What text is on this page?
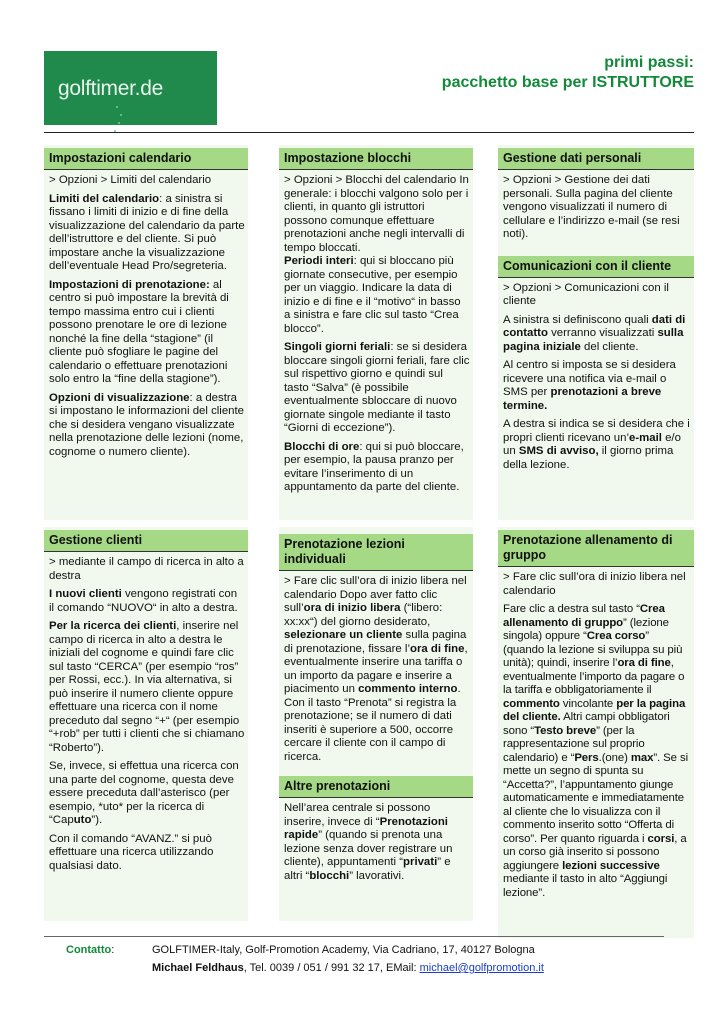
golftimer.de
primi passi:
pacchetto base per ISTRUTTORE
Impostazioni calendario

> Opzioni > Limiti del calendario

Limiti del calendario: a sinistra si fissano i limiti di inizio e di fine della visualizzazione del calendario da parte dell’istruttore e del cliente. Si può impostare anche la visualizzazione dell’eventuale Head Pro/segreteria.

Impostazioni di prenotazione: al centro si può impostare la brevità di tempo massima entro cui i clienti possono prenotare le ore di lezione nonché la fine della “stagione” (il cliente può sfogliare le pagine del calendario o effettuare prenotazioni solo entro la “fine della stagione”).

Opzioni di visualizzazione: a destra si impostano le informazioni del cliente che si desidera vengano visualizzate nella prenotazione delle lezioni (nome, cognome o numero cliente).

Impostazione blocchi

> Opzioni > Blocchi del calendario In generale: i blocchi valgono solo per i clienti, in quanto gli istruttori possono comunque effettuare prenotazioni anche negli intervalli di tempo bloccati.

Periodi interi: qui si bloccano più giornate consecutive, per esempio per un viaggio. Indicare la data di inizio e di fine e il “motivo“ in basso a sinistra e fare clic sul tasto “Crea blocco”.

Singoli giorni feriali: se si desidera bloccare singoli giorni feriali, fare clic sul rispettivo giorno e quindi sul tasto “Salva” (è possibile eventualmente sbloccare di nuovo giornate singole mediante il tasto “Giorni di eccezione”).

Blocchi di ore: qui si può bloccare, per esempio, la pausa pranzo per evitare l’inserimento di un appuntamento da parte del cliente.

Gestione dati personali

> Opzioni > Gestione dei dati personali. Sulla pagina del cliente vengono visualizzati il numero di cellulare e l’indirizzo e-mail (se resi noti).

Comunicazioni con il cliente

> Opzioni > Comunicazioni con il cliente

A sinistra si definiscono quali dati di contatto verranno visualizzati sulla pagina iniziale del cliente.

Al centro si imposta se si desidera ricevere una notifica via e-mail o SMS per prenotazioni a breve termine.

A destra si indica se si desidera che i propri clienti ricevano un’e-mail e/o un SMS di avviso, il giorno prima della lezione.

Gestione clienti

> mediante il campo di ricerca in alto a destra

I nuovi clienti vengono registrati con il comando “NUOVO“ in alto a destra.

Per la ricerca dei clienti, inserire nel campo di ricerca in alto a destra le iniziali del cognome e quindi fare clic sul tasto “CERCA” (per esempio “ros” per Rossi, ecc.). In via alternativa, si può inserire il numero cliente oppure effettuare una ricerca con il nome preceduto dal segno “+“ (per esempio “+rob” per tutti i clienti che si chiamano “Roberto”).

Se, invece, si effettua una ricerca con una parte del cognome, questa deve essere preceduta dall’asterisco (per esempio, *uto* per la ricerca di “Caputo”).

Con il comando “AVANZ.” si può effettuare una ricerca utilizzando qualsiasi dato.

Prenotazione lezioni individuali

> Fare clic sull’ora di inizio libera nel calendario Dopo aver fatto clic sull’ora di inizio libera (“libero: xx:xx“) del giorno desiderato, selezionare un cliente sulla pagina di prenotazione, fissare l’ora di fine, eventualmente inserire una tariffa o un importo da pagare e inserire a piacimento un commento interno. Con il tasto “Prenota” si registra la prenotazione; se il numero di dati inseriti è superiore a 500, occorre cercare il cliente con il campo di ricerca.

Altre prenotazioni

Nell’area centrale si possono inserire, invece di “Prenotazioni rapide” (quando si prenota una lezione senza dover registrare un cliente), appuntamenti “privati” e altri “blocchi” lavorativi.

Prenotazione allenamento di gruppo

> Fare clic sull’ora di inizio libera nel calendario

Fare clic a destra sul tasto “Crea allenamento di gruppo” (lezione singola) oppure “Crea corso” (quando la lezione si sviluppa su più unità); quindi, inserire l’ora di fine, eventualmente l’importo da pagare o la tariffa e obbligatoriamente il commento vincolante per la pagina del cliente. Altri campi obbligatori sono “Testo breve” (per la rappresentazione sul proprio calendario) e “Pers.(one) max”. Se si mette un segno di spunta su “Accetta?”, l’appuntamento giunge automaticamente e immediatamente al cliente che lo visualizza con il commento inserito sotto “Offerta di corso”. Per quanto riguarda i corsi, a un corso già inserito si possono aggiungere lezioni successive mediante il tasto in alto “Aggiungi lezione”.

Contatto:	GOLFTIMER-Italy, Golf-Promotion Academy, Via Cadriano, 17, 40127 Bologna
Michael Feldhaus, Tel. 0039 / 051 / 991 32 17, EMail: michael@golfpromotion.it
